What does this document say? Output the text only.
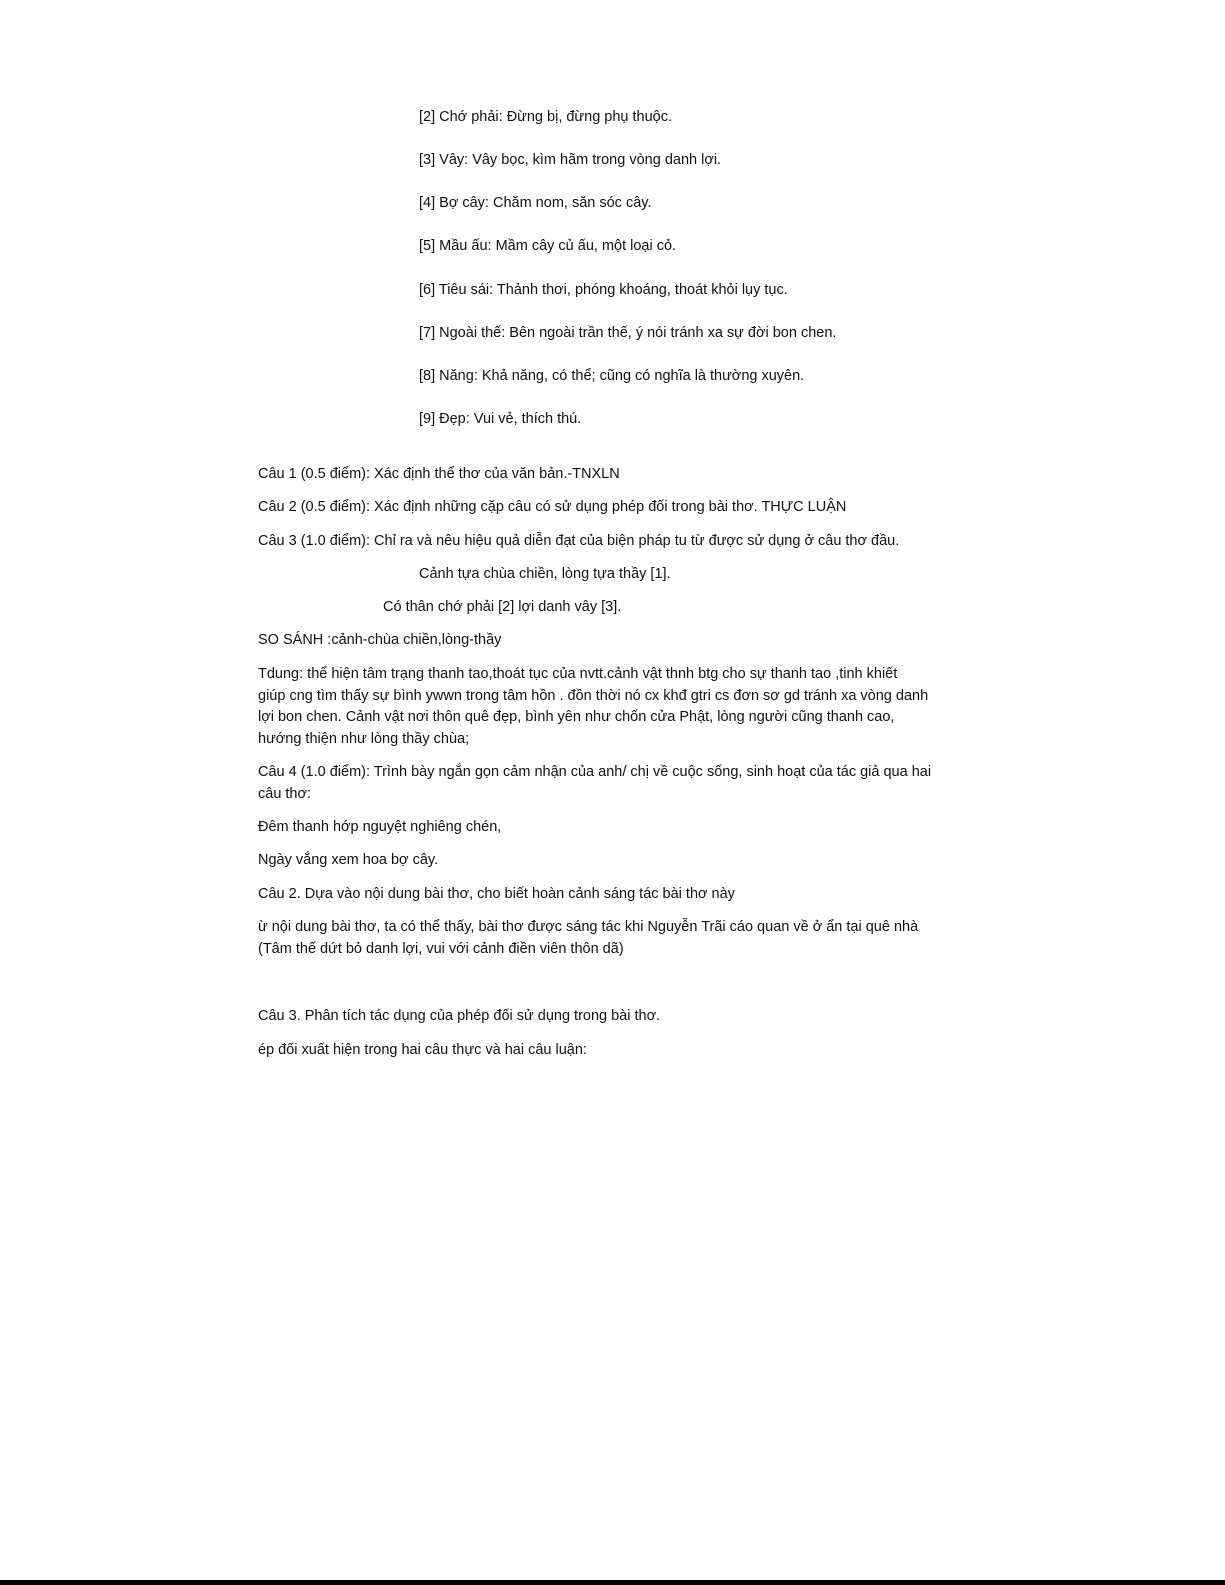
[2] Chớ phải: Đừng bị, đừng phụ thuộc.
[3] Vây: Vây bọc, kìm hãm trong vòng danh lợi.
[4] Bợ cây: Chăm nom, săn sóc cây.
[5] Mầu ấu: Mầm cây củ ấu, một loại cỏ.
[6] Tiêu sái: Thảnh thơi, phóng khoáng, thoát khỏi lụy tục.
[7] Ngoài thế: Bên ngoài trần thế, ý nói tránh xa sự đời bon chen.
[8] Năng: Khả năng, có thể; cũng có nghĩa là thường xuyên.
[9] Đẹp: Vui vẻ, thích thú.
Câu 1 (0.5 điểm): Xác định thể thơ của văn bản.-TNXLN
Câu 2 (0.5 điểm): Xác định những cặp câu có sử dụng phép đối trong bài thơ. THỰC LUẬN
Câu 3 (1.0 điểm): Chỉ ra và nêu hiệu quả diễn đạt của biện pháp tu từ được sử dụng ở câu thơ đầu.
Cảnh tựa chùa chiền, lòng tựa thầy [1].
Có thân chớ phải [2] lợi danh vây [3].
SO SÁNH :cảnh-chùa chiền,lòng-thầy
Tdung: thể hiện tâm trạng thanh tao,thoát tục của nvtt.cảnh vật thnh btg cho sự thanh tao ,tinh khiết
giúp cng tìm thấy sự bình ywwn trong tâm hồn . đồn thời nó cx khđ gtri cs đơn sơ gd tránh xa vòng danh
lợi bon chen. Cảnh vật nơi thôn quê đẹp, bình yên như chốn cửa Phật, lòng người cũng thanh cao,
hướng thiện như lòng thầy chùa;
Câu 4 (1.0 điểm): Trình bày ngắn gọn cảm nhận của anh/ chị về cuộc sống, sinh hoạt của tác giả qua hai
câu thơ:
Đêm thanh hớp nguyệt nghiêng chén,
Ngày vắng xem hoa bợ cây.
Câu 2. Dựa vào nội dung bài thơ, cho biết hoàn cảnh sáng tác bài thơ này
ừ nội dung bài thơ, ta có thể thấy, bài thơ được sáng tác khi Nguyễn Trãi cáo quan về ở ẩn tại quê nhà
(Tâm thế dứt bỏ danh lợi, vui với cảnh điền viên thôn dã)
Câu 3. Phân tích tác dụng của phép đối sử dụng trong bài thơ.
ép đối xuất hiện trong hai câu thực và hai câu luận:
